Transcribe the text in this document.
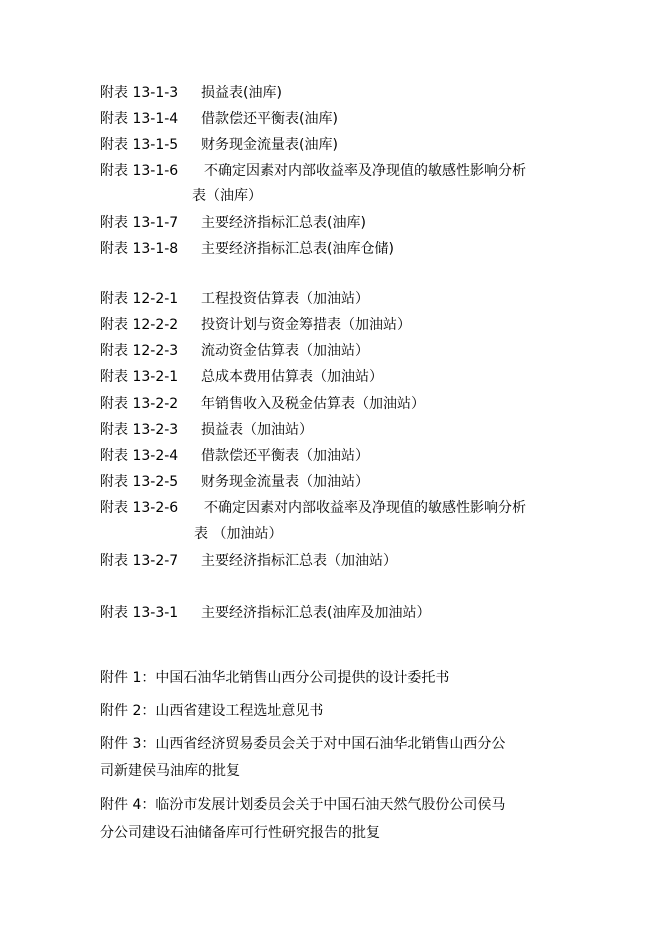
附表 13-1-3 损益表(油库)
附表 13-1-4 借款偿还平衡表(油库)
附表 13-1-5 财务现金流量表(油库)
附表 13-1-6 不确定因素对内部收益率及净现值的敏感性影响分析
表（油库）
附表 13-1-7 主要经济指标汇总表(油库)
附表 13-1-8 主要经济指标汇总表(油库仓储)
附表 12-2-1 工程投资估算表（加油站）
附表 12-2-2 投资计划与资金筹措表（加油站）
附表 12-2-3 流动资金估算表（加油站）
附表 13-2-1 总成本费用估算表（加油站）
附表 13-2-2 年销售收入及税金估算表（加油站）
附表 13-2-3 损益表（加油站）
附表 13-2-4 借款偿还平衡表（加油站）
附表 13-2-5 财务现金流量表（加油站）
附表 13-2-6 不确定因素对内部收益率及净现值的敏感性影响分析
表 （加油站）
附表 13-2-7 主要经济指标汇总表（加油站）
附表 13-3-1 主要经济指标汇总表(油库及加油站）
附件 1：中国石油华北销售山西分公司提供的设计委托书
附件 2：山西省建设工程选址意见书
附件 3：山西省经济贸易委员会关于对中国石油华北销售山西分公
司新建侯马油库的批复
附件 4：临汾市发展计划委员会关于中国石油天然气股份公司侯马
分公司建设石油储备库可行性研究报告的批复
